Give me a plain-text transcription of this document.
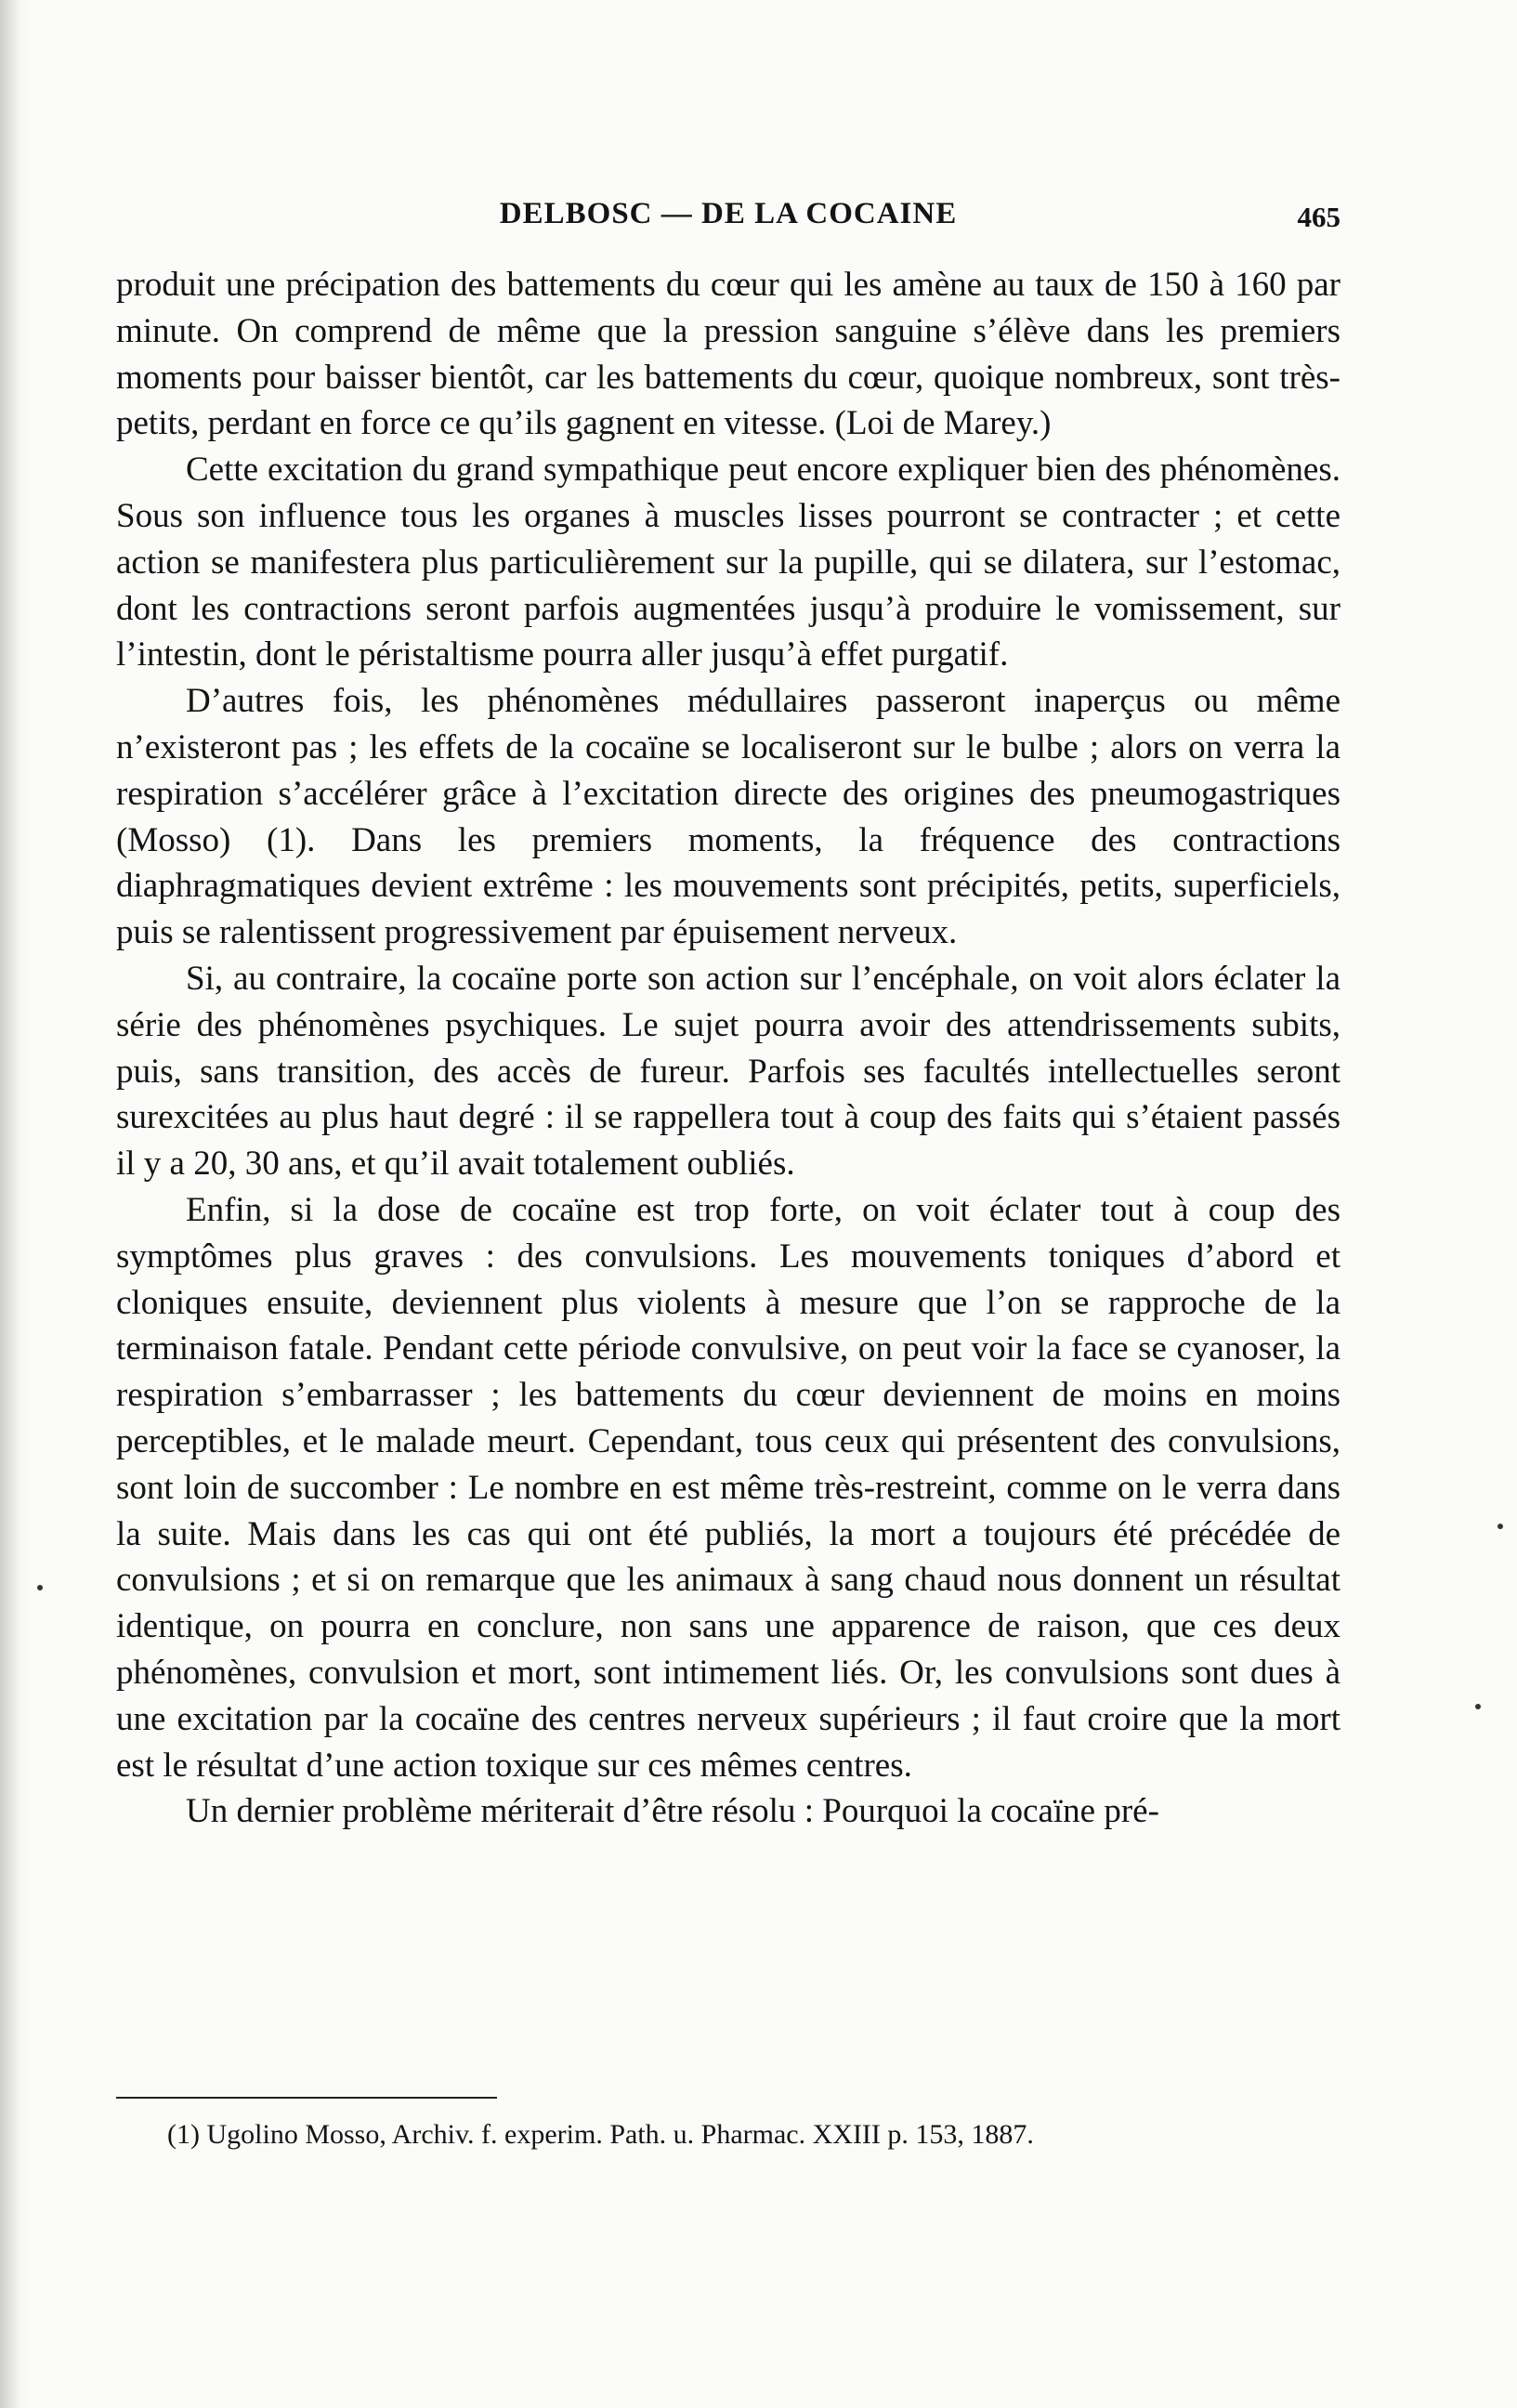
DELBOSC — DE LA COCAINE	465

produit une précipation des battements du cœur qui les amène au taux de 150 à 160 par minute. On comprend de même que la pression sanguine s’élève dans les premiers moments pour baisser bientôt, car les battements du cœur, quoique nombreux, sont très-petits, perdant en force ce qu’ils gagnent en vitesse. (Loi de Marey.)

Cette excitation du grand sympathique peut encore expliquer bien des phénomènes. Sous son influence tous les organes à muscles lisses pourront se contracter ; et cette action se manifestera plus particulièrement sur la pupille, qui se dilatera, sur l’estomac, dont les contractions seront parfois augmentées jusqu’à produire le vomissement, sur l’intestin, dont le péristaltisme pourra aller jusqu’à effet purgatif.

D’autres fois, les phénomènes médullaires passeront inaperçus ou même n’existeront pas ; les effets de la cocaïne se localiseront sur le bulbe ; alors on verra la respiration s’accélérer grâce à l’excitation directe des origines des pneumogastriques (Mosso) (1). Dans les premiers moments, la fréquence des contractions diaphragmatiques devient extrême : les mouvements sont précipités, petits, superficiels, puis se ralentissent progressivement par épuisement nerveux.

Si, au contraire, la cocaïne porte son action sur l’encéphale, on voit alors éclater la série des phénomènes psychiques. Le sujet pourra avoir des attendrissements subits, puis, sans transition, des accès de fureur. Parfois ses facultés intellectuelles seront surexcitées au plus haut degré : il se rappellera tout à coup des faits qui s’étaient passés il y a 20, 30 ans, et qu’il avait totalement oubliés.

Enfin, si la dose de cocaïne est trop forte, on voit éclater tout à coup des symptômes plus graves : des convulsions. Les mouvements toniques d’abord et cloniques ensuite, deviennent plus violents à mesure que l’on se rapproche de la terminaison fatale. Pendant cette période convulsive, on peut voir la face se cyanoser, la respiration s’embarrasser ; les battements du cœur deviennent de moins en moins perceptibles, et le malade meurt. Cependant, tous ceux qui présentent des convulsions, sont loin de succomber : Le nombre en est même très-restreint, comme on le verra dans la suite. Mais dans les cas qui ont été publiés, la mort a toujours été précédée de convulsions ; et si on remarque que les animaux à sang chaud nous donnent un résultat identique, on pourra en conclure, non sans une apparence de raison, que ces deux phénomènes, convulsion et mort, sont intimement liés. Or, les convulsions sont dues à une excitation par la cocaïne des centres nerveux supérieurs ; il faut croire que la mort est le résultat d’une action toxique sur ces mêmes centres.

Un dernier problème mériterait d’être résolu : Pourquoi la cocaïne pré-

(1) Ugolino Mosso, Archiv. f. experim. Path. u. Pharmac. XXIII p. 153, 1887.
